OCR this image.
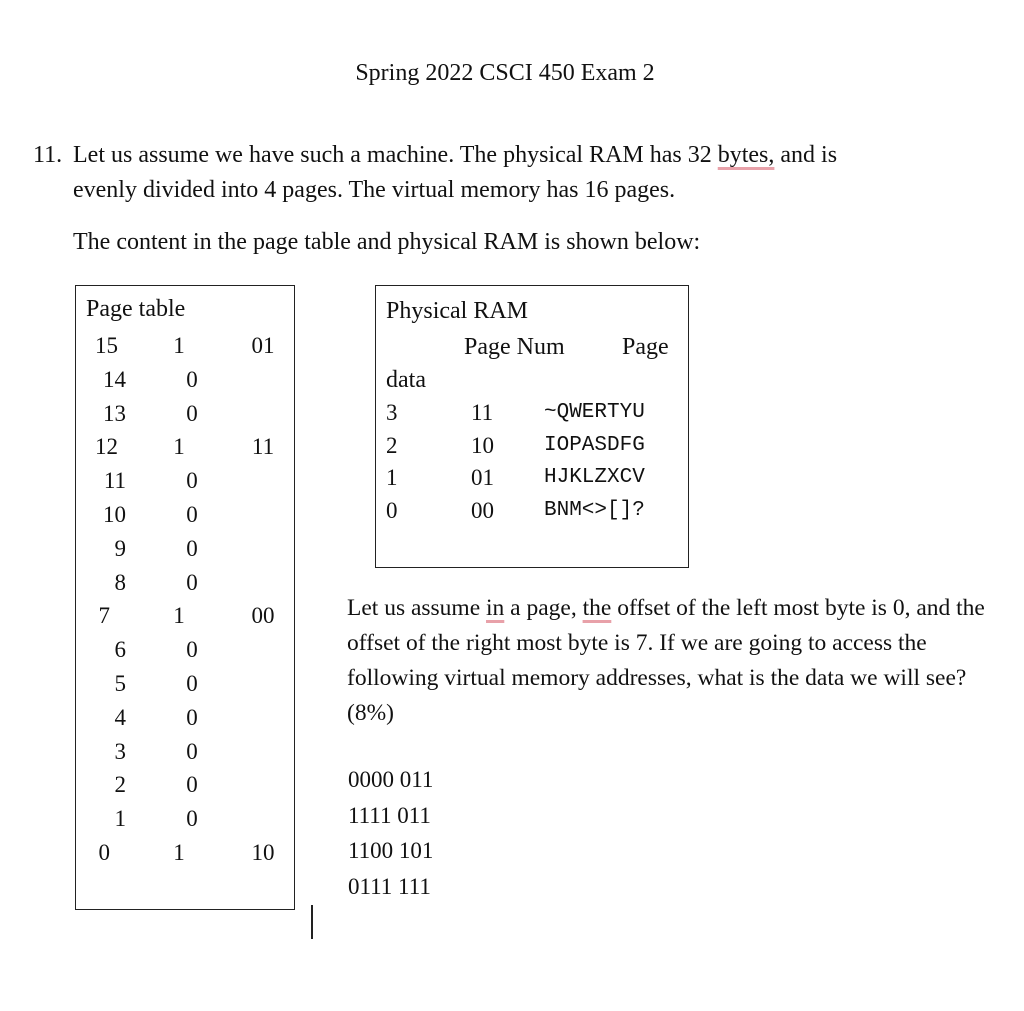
Spring 2022 CSCI 450 Exam 2
11. Let us assume we have such a machine. The physical RAM has 32 bytes, and is
evenly divided into 4 pages. The virtual memory has 16 pages.
The content in the page table and physical RAM is shown below:
Page table
15	1	01
14	0
13	0
12	1	11
11	0
10	0
9	0
8	0
7	1	00
6	0
5	0
4	0
3	0
2	0
1	0
0	1	10
Physical RAM
Page Num Page
data
3	11 ~QWERTYU
2	10 IOPASDFG
1	01 HJKLZXCV
0	00 BNM<>[]?
Let us assume in a page, the offset of the left most byte is 0, and the offset of the right most byte is 7. If we are going to access the following virtual memory addresses, what is the data we will see? (8%)
0000 011
1111 011
1100 101
0111 111
